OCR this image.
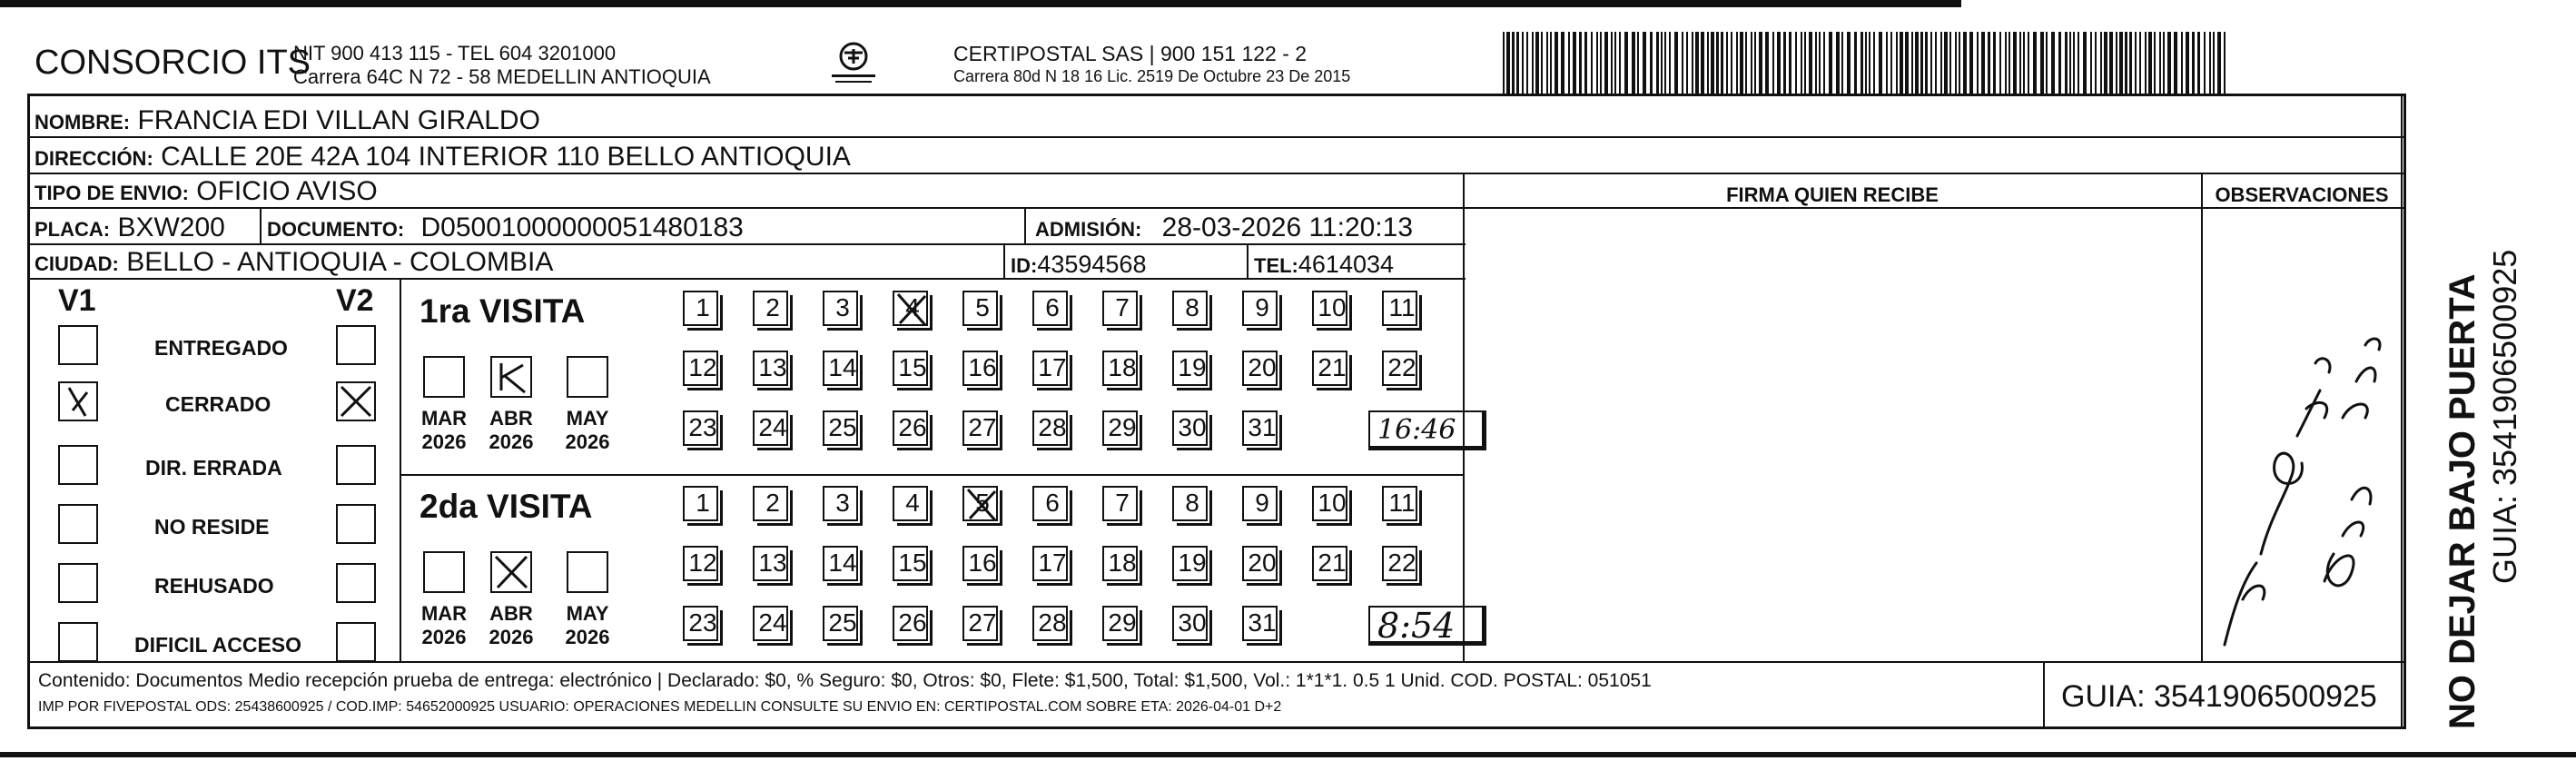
CONSORCIO ITS
NIT 900 413 115 - TEL 604 3201000
Carrera 64C N 72 - 58 MEDELLIN ANTIOQUIA
CERTIPOSTAL SAS | 900 151 122 - 2
Carrera 80d N 18 16 Lic. 2519 De Octubre 23 De 2015
NOMBRE: FRANCIA EDI VILLAN GIRALDO
DIRECCIÓN: CALLE 20E 42A 104 INTERIOR 110 BELLO ANTIOQUIA
TIPO DE ENVIO: OFICIO AVISO	FIRMA QUIEN RECIBE	OBSERVACIONES
PLACA: BXW200 DOCUMENTO: D050010000000514​80183	ADMISIÓN: 28-03-2026 11:20:13
CIUDAD: BELLO - ANTIOQUIA - COLOMBIA	ID:43594568	TEL:4614034
V1	V2
ENTREGADO
CERRADO
DIR. ERRADA
NO RESIDE
REHUSADO
DIFICIL ACCESO
1ra VISITA
MAR
2026
ABR
2026
MAY
2026
1	2	3	4	5	6	7	8	9	10 11
12 13 14 15 16 17 18 19 20 21 22
23 24 25 26 27 28 29 30 31	16:46
2da VISITA
MAR
2026
ABR
2026
MAY
2026
1	2	3	4	5	6	7	8	9	10 11
12 13 14 15 16 17 18 19 20 21 22
23 24 25 26 27 28 29 30 31	8:54	NO DEJAR BAJO PUERTA GUIA: 3541906500925
Contenido: Documentos Medio recepción prueba de entrega: electrónico | Declarado: $0, % Seguro: $0, Otros: $0, Flete: $1,500, Total: $1,500, Vol.: 1*1*1. 0.5 1 Unid. COD. POSTAL: 051051
IMP POR FIVEPOSTAL ODS: 25438600925 / COD.IMP: 54652000925 USUARIO: OPERACIONES MEDELLIN CONSULTE SU ENVIO EN: CERTIPOSTAL.COM SOBRE ETA: 2026-04-01 D+2	GUIA: 3541906500925
